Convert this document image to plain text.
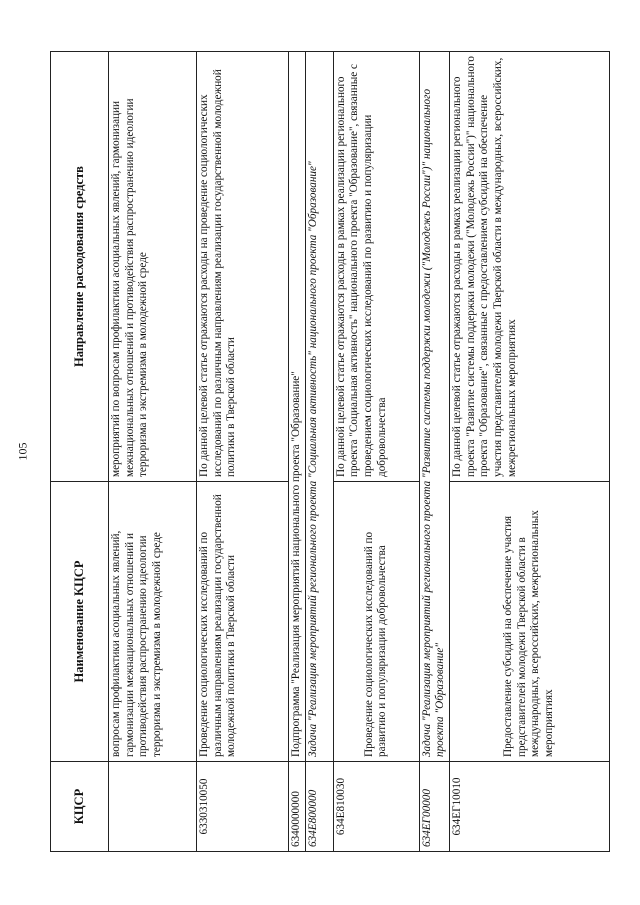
105
КЦСР	Наименование КЦСР	Направление расходования средств
	вопросам профилактики асоциальных явлений, гармонизации межнациональных отношений и противодействия распространению идеологии терроризма и экстремизма в молодежной среде	мероприятий по вопросам профилактики асоциальных явлений, гармонизации межнациональных отношений и противодействия распространению идеологии терроризма и экстремизма в молодежной среде
6330310050	Проведение социологических исследований по различным направлениям реализации государственной молодежной политики в Тверской области	По данной целевой статье отражаются расходы на проведение социологических исследований по различным направлениям реализации государственной молодежной политики в Тверской области
6340000000	Подпрограмма "Реализация мероприятий национального проекта "Образование"	
634E800000	Задача "Реализация мероприятий регионального проекта "Социальная активность" национального проекта "Образование"	
634E810030	Проведение социологических исследований по развитию и популяризации добровольчества	По данной целевой статье отражаются расходы в рамках реализации регионального проекта "Социальная активность" национального проекта "Образование", связанные с проведением социологических исследований по развитию и популяризации добровольчества
634EГ00000	Задача "Реализация мероприятий регионального проекта "Развитие системы поддержки молодежи ("Молодежь России")" национального проекта "Образование"	
634EГ10010	Предоставление субсидий на обеспечение участия представителей молодежи Тверской области в международных, всероссийских, межрегиональных мероприятиях	По данной целевой статье отражаются расходы в рамках реализации регионального проекта "Развитие системы поддержки молодежи ("Молодежь России")" национального проекта "Образование", связанные с предоставлением субсидий на обеспечение участия представителей молодежи Тверской области в международных, всероссийских, межрегиональных мероприятиях
